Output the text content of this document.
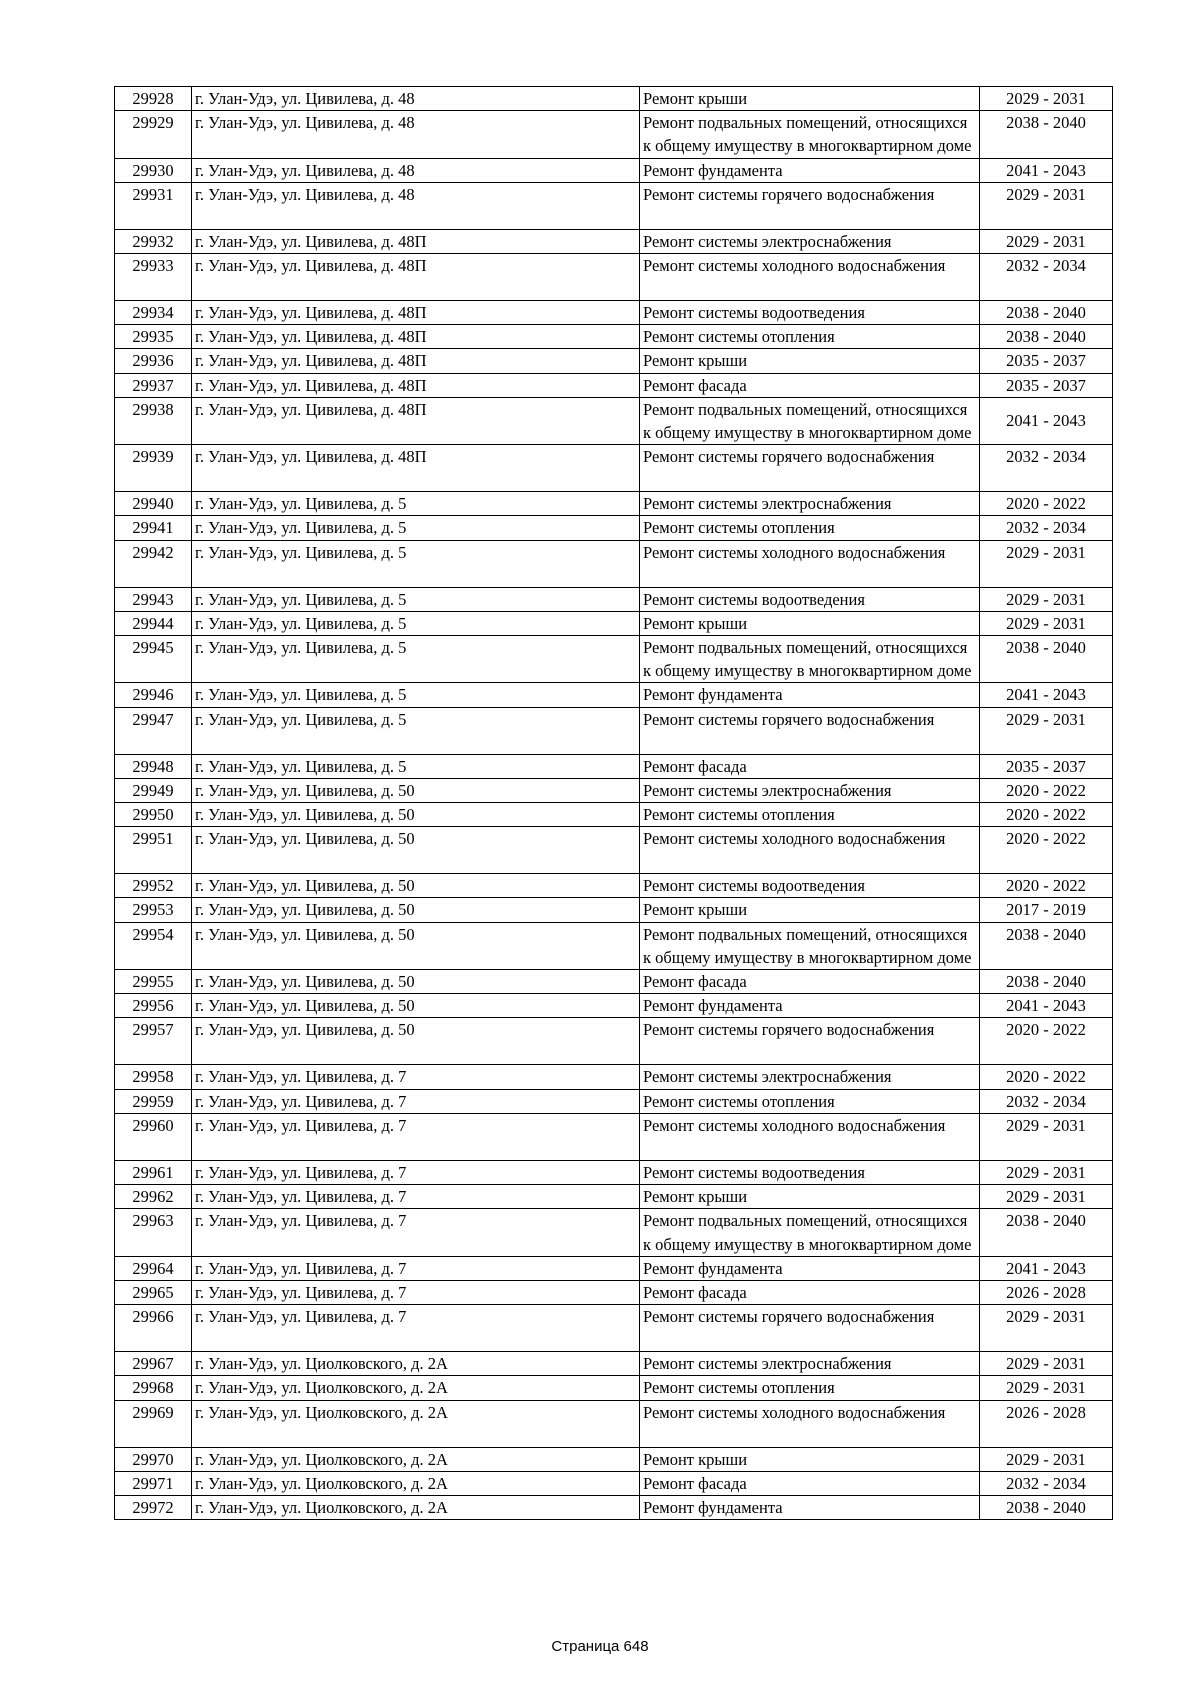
29928	г. Улан-Удэ, ул. Цивилева, д. 48	Ремонт крыши	2029 - 2031
29929	г. Улан-Удэ, ул. Цивилева, д. 48	Ремонт подвальных помещений, относящихся к общему имуществу в многоквартирном доме	2038 - 2040
29930	г. Улан-Удэ, ул. Цивилева, д. 48	Ремонт фундамента	2041 - 2043
29931	г. Улан-Удэ, ул. Цивилева, д. 48	Ремонт системы горячего водоснабжения	2029 - 2031
29932	г. Улан-Удэ, ул. Цивилева, д. 48П	Ремонт системы электроснабжения	2029 - 2031
29933	г. Улан-Удэ, ул. Цивилева, д. 48П	Ремонт системы холодного водоснабжения	2032 - 2034
29934	г. Улан-Удэ, ул. Цивилева, д. 48П	Ремонт системы водоотведения	2038 - 2040
29935	г. Улан-Удэ, ул. Цивилева, д. 48П	Ремонт системы отопления	2038 - 2040
29936	г. Улан-Удэ, ул. Цивилева, д. 48П	Ремонт крыши	2035 - 2037
29937	г. Улан-Удэ, ул. Цивилева, д. 48П	Ремонт фасада	2035 - 2037
29938	г. Улан-Удэ, ул. Цивилева, д. 48П	Ремонт подвальных помещений, относящихся к общему имуществу в многоквартирном доме	2041 - 2043
29939	г. Улан-Удэ, ул. Цивилева, д. 48П	Ремонт системы горячего водоснабжения	2032 - 2034
29940	г. Улан-Удэ, ул. Цивилева, д. 5	Ремонт системы электроснабжения	2020 - 2022
29941	г. Улан-Удэ, ул. Цивилева, д. 5	Ремонт системы отопления	2032 - 2034
29942	г. Улан-Удэ, ул. Цивилева, д. 5	Ремонт системы холодного водоснабжения	2029 - 2031
29943	г. Улан-Удэ, ул. Цивилева, д. 5	Ремонт системы водоотведения	2029 - 2031
29944	г. Улан-Удэ, ул. Цивилева, д. 5	Ремонт крыши	2029 - 2031
29945	г. Улан-Удэ, ул. Цивилева, д. 5	Ремонт подвальных помещений, относящихся к общему имуществу в многоквартирном доме	2038 - 2040
29946	г. Улан-Удэ, ул. Цивилева, д. 5	Ремонт фундамента	2041 - 2043
29947	г. Улан-Удэ, ул. Цивилева, д. 5	Ремонт системы горячего водоснабжения	2029 - 2031
29948	г. Улан-Удэ, ул. Цивилева, д. 5	Ремонт фасада	2035 - 2037
29949	г. Улан-Удэ, ул. Цивилева, д. 50	Ремонт системы электроснабжения	2020 - 2022
29950	г. Улан-Удэ, ул. Цивилева, д. 50	Ремонт системы отопления	2020 - 2022
29951	г. Улан-Удэ, ул. Цивилева, д. 50	Ремонт системы холодного водоснабжения	2020 - 2022
29952	г. Улан-Удэ, ул. Цивилева, д. 50	Ремонт системы водоотведения	2020 - 2022
29953	г. Улан-Удэ, ул. Цивилева, д. 50	Ремонт крыши	2017 - 2019
29954	г. Улан-Удэ, ул. Цивилева, д. 50	Ремонт подвальных помещений, относящихся к общему имуществу в многоквартирном доме	2038 - 2040
29955	г. Улан-Удэ, ул. Цивилева, д. 50	Ремонт фасада	2038 - 2040
29956	г. Улан-Удэ, ул. Цивилева, д. 50	Ремонт фундамента	2041 - 2043
29957	г. Улан-Удэ, ул. Цивилева, д. 50	Ремонт системы горячего водоснабжения	2020 - 2022
29958	г. Улан-Удэ, ул. Цивилева, д. 7	Ремонт системы электроснабжения	2020 - 2022
29959	г. Улан-Удэ, ул. Цивилева, д. 7	Ремонт системы отопления	2032 - 2034
29960	г. Улан-Удэ, ул. Цивилева, д. 7	Ремонт системы холодного водоснабжения	2029 - 2031
29961	г. Улан-Удэ, ул. Цивилева, д. 7	Ремонт системы водоотведения	2029 - 2031
29962	г. Улан-Удэ, ул. Цивилева, д. 7	Ремонт крыши	2029 - 2031
29963	г. Улан-Удэ, ул. Цивилева, д. 7	Ремонт подвальных помещений, относящихся к общему имуществу в многоквартирном доме	2038 - 2040
29964	г. Улан-Удэ, ул. Цивилева, д. 7	Ремонт фундамента	2041 - 2043
29965	г. Улан-Удэ, ул. Цивилева, д. 7	Ремонт фасада	2026 - 2028
29966	г. Улан-Удэ, ул. Цивилева, д. 7	Ремонт системы горячего водоснабжения	2029 - 2031
29967	г. Улан-Удэ, ул. Циолковского, д. 2А	Ремонт системы электроснабжения	2029 - 2031
29968	г. Улан-Удэ, ул. Циолковского, д. 2А	Ремонт системы отопления	2029 - 2031
29969	г. Улан-Удэ, ул. Циолковского, д. 2А	Ремонт системы холодного водоснабжения	2026 - 2028
29970	г. Улан-Удэ, ул. Циолковского, д. 2А	Ремонт крыши	2029 - 2031
29971	г. Улан-Удэ, ул. Циолковского, д. 2А	Ремонт фасада	2032 - 2034
29972	г. Улан-Удэ, ул. Циолковского, д. 2А	Ремонт фундамента	2038 - 2040
Страница 648
